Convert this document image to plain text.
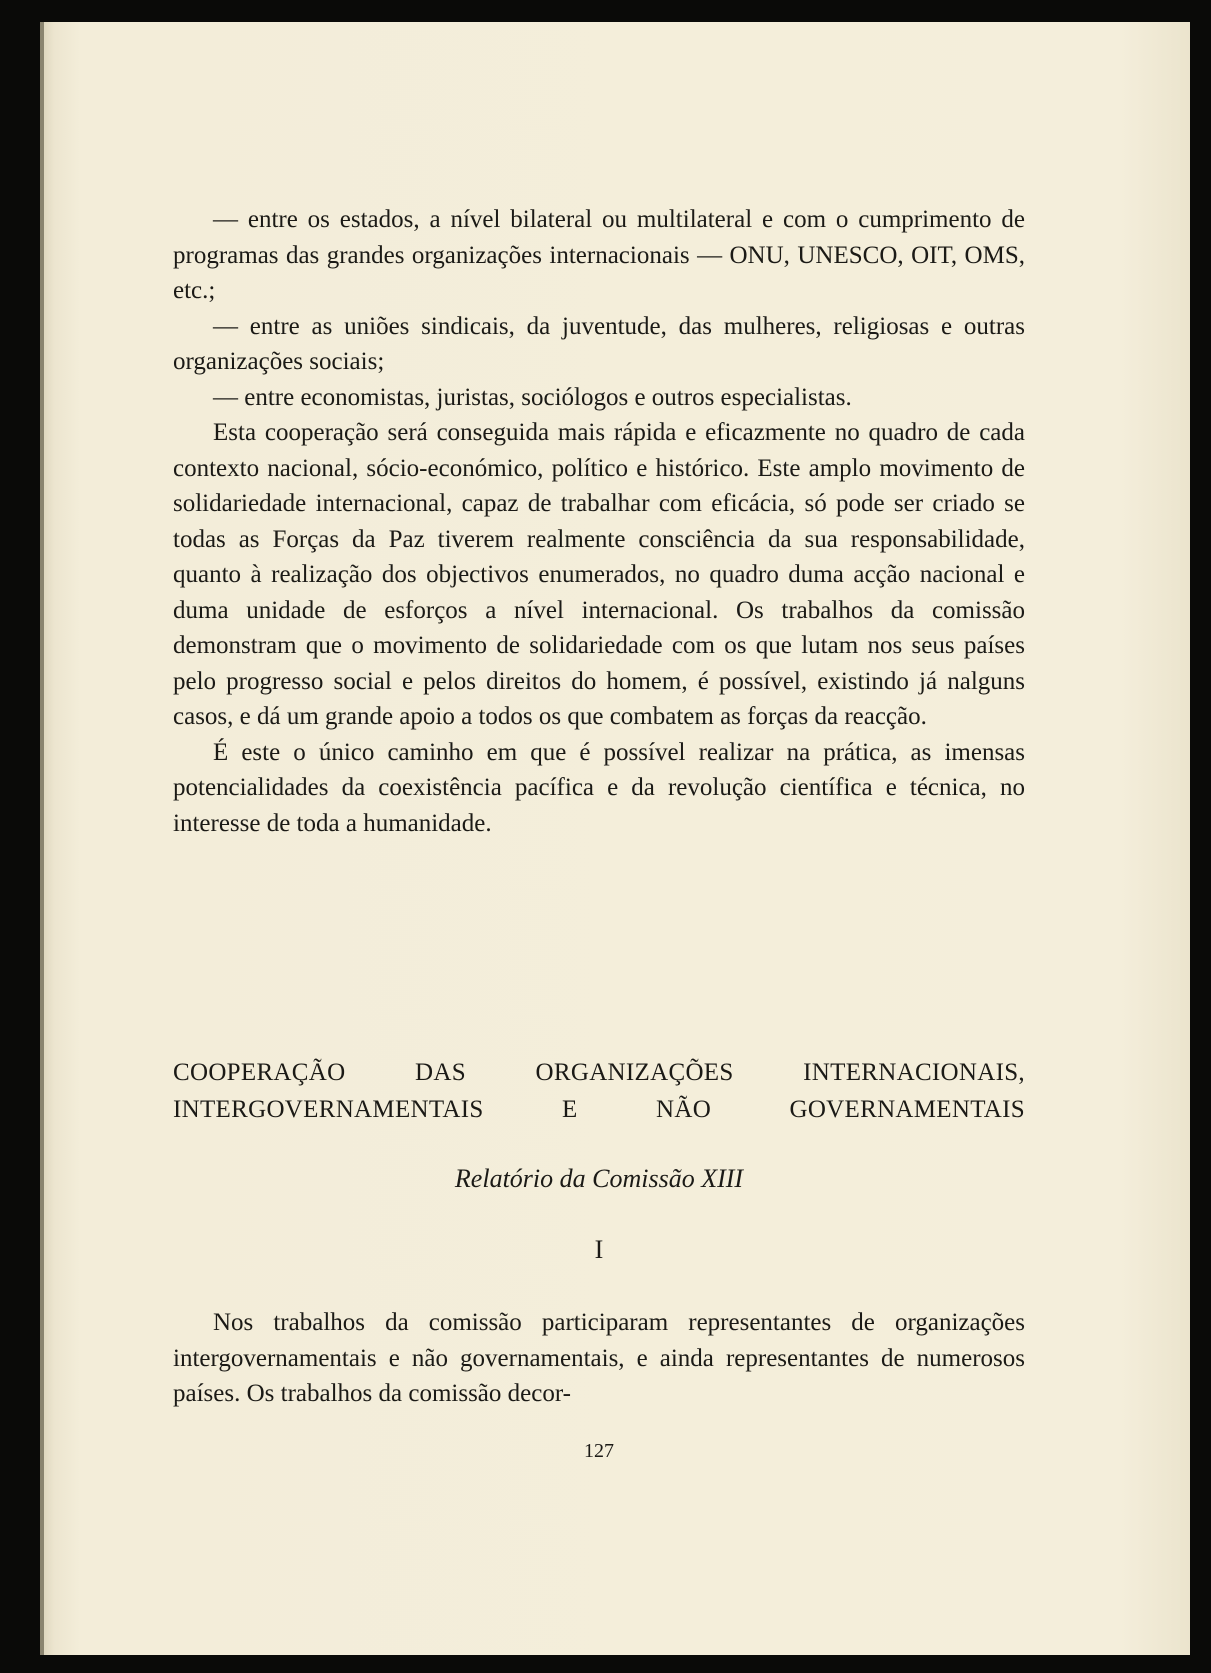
— entre os estados, a nível bilateral ou multilateral e com o cumprimento de programas das grandes organizações internacionais — ONU, UNESCO, OIT, OMS, etc.;

— entre as uniões sindicais, da juventude, das mulheres, religiosas e outras organizações sociais;

— entre economistas, juristas, sociólogos e outros especialistas.

Esta cooperação será conseguida mais rápida e eficazmente no quadro de cada contexto nacional, sócio-económico, político e histórico. Este amplo movimento de solidariedade internacional, capaz de trabalhar com eficácia, só pode ser criado se todas as Forças da Paz tiverem realmente consciência da sua responsabilidade, quanto à realização dos objectivos enumerados, no quadro duma acção nacional e duma unidade de esforços a nível internacional. Os trabalhos da comissão demonstram que o movimento de solidariedade com os que lutam nos seus países pelo progresso social e pelos direitos do homem, é possível, existindo já nalguns casos, e dá um grande apoio a todos os que combatem as forças da reacção.

É este o único caminho em que é possível realizar na prática, as imensas potencialidades da coexistência pacífica e da revolução científica e técnica, no interesse de toda a humanidade.

COOPERAÇÃO DAS ORGANIZAÇÕES INTERNACIONAIS,
INTERGOVERNAMENTAIS E NÃO GOVERNAMENTAIS
Relatório da Comissão XIII
I

Nos trabalhos da comissão participaram representantes de organizações intergovernamentais e não governamentais, e ainda representantes de numerosos países. Os trabalhos da comissão decor-

127
